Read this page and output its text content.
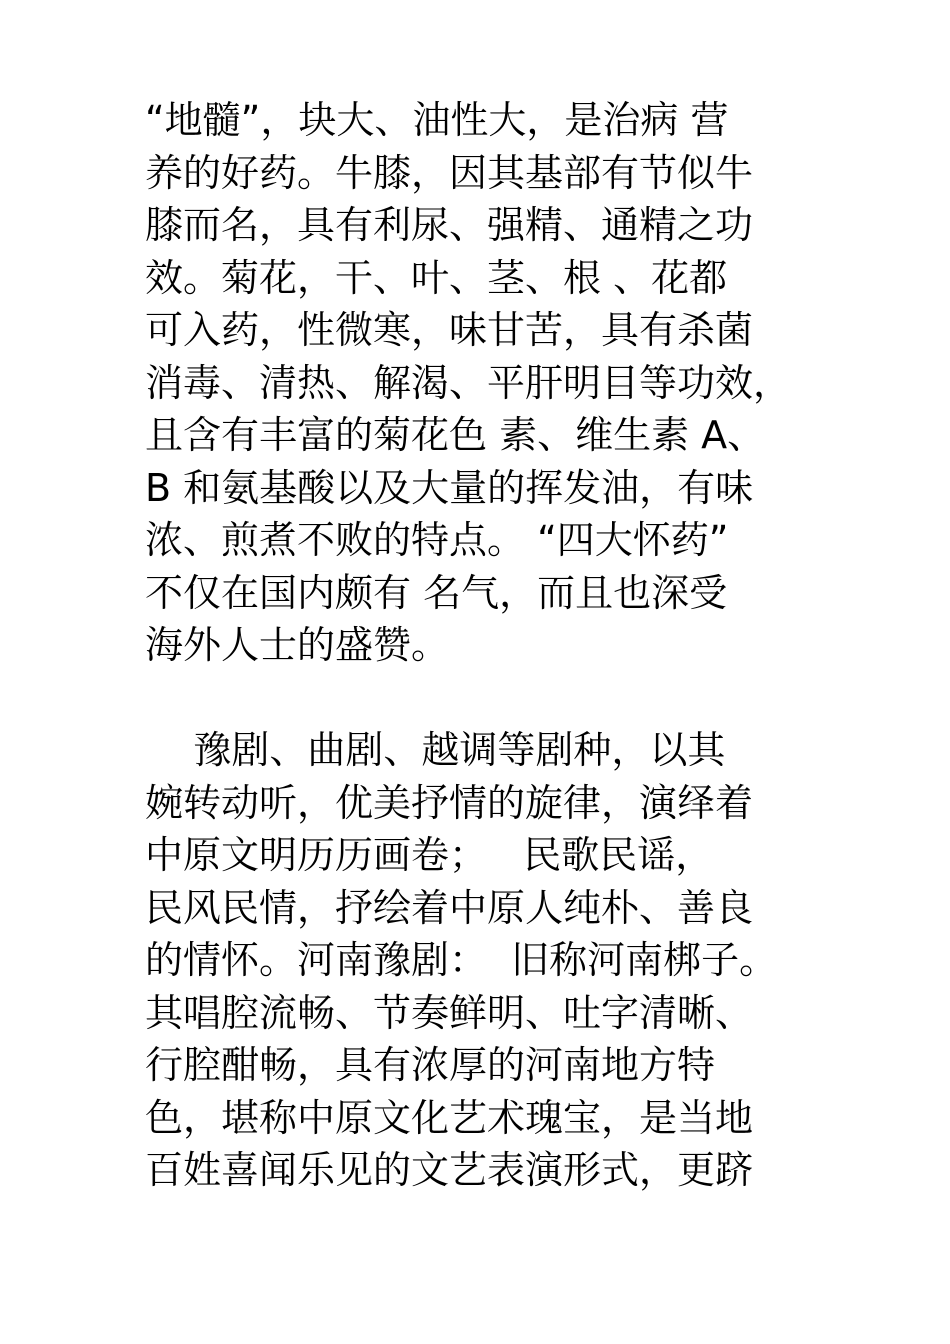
“地髓”，块大、油性大，是治病 营
养的好药。牛膝，因其基部有节似牛
膝而名，具有利尿、强精、通精之功
效。菊花，干、叶、茎、根 、花都
可入药，性微寒，味甘苦，具有杀菌
消毒、清热、解渴、平肝明目等功效，
且含有丰富的菊花色 素、维生素 A、
B 和氨基酸以及大量的挥发油，有味
浓、煎煮不败的特点。 “四大怀药”
不仅在国内颇有 名气，而且也深受
海外人士的盛赞。
豫剧、曲剧、越调等剧种，以其
婉转动听，优美抒情的旋律，演绎着
中原文明历历画卷；   民歌民谣，
民风民情，抒绘着中原人纯朴、善良
的情怀。河南豫剧：  旧称河南梆子。
其唱腔流畅、节奏鲜明、吐字清晰、
行腔酣畅，具有浓厚的河南地方特
色，堪称中原文化艺术瑰宝，是当地
百姓喜闻乐见的文艺表演形式，更跻
